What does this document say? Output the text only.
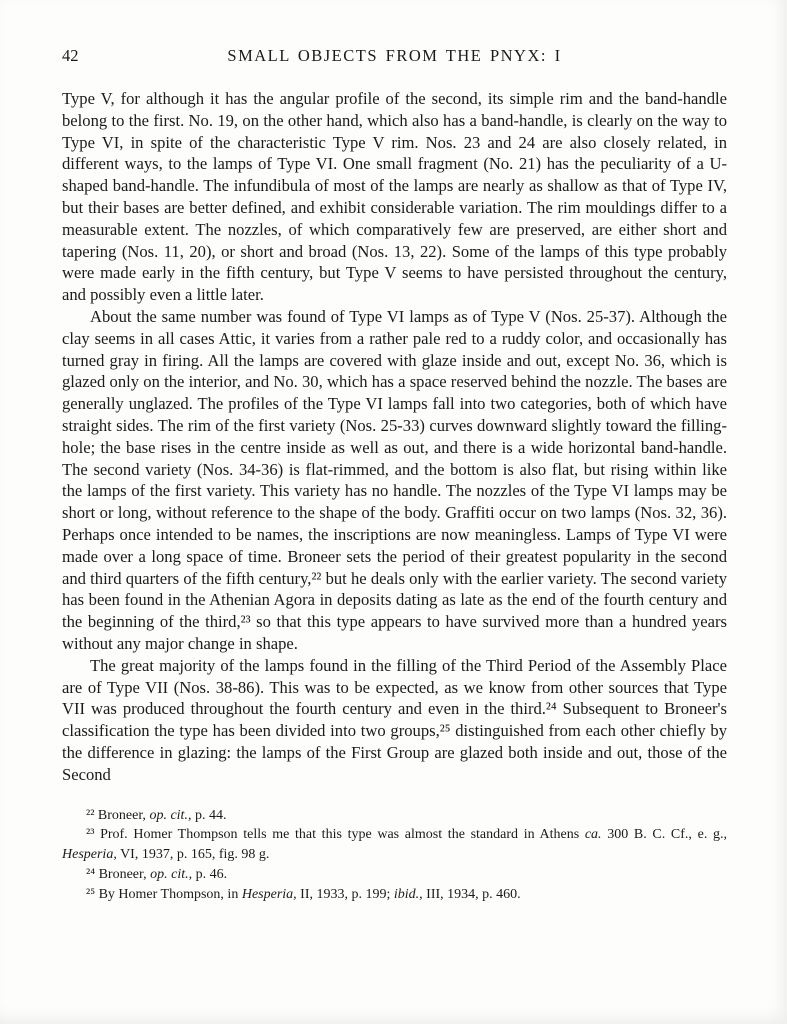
42	SMALL OBJECTS FROM THE PNYX: I

Type V, for although it has the angular profile of the second, its simple rim and the band-handle belong to the first. No. 19, on the other hand, which also has a band-handle, is clearly on the way to Type VI, in spite of the characteristic Type V rim. Nos. 23 and 24 are also closely related, in different ways, to the lamps of Type VI. One small fragment (No. 21) has the peculiarity of a U-shaped band-handle. The infundibula of most of the lamps are nearly as shallow as that of Type IV, but their bases are better defined, and exhibit considerable variation. The rim mouldings differ to a measurable extent. The nozzles, of which comparatively few are preserved, are either short and tapering (Nos. 11, 20), or short and broad (Nos. 13, 22). Some of the lamps of this type probably were made early in the fifth century, but Type V seems to have persisted throughout the century, and possibly even a little later.

About the same number was found of Type VI lamps as of Type V (Nos. 25-37). Although the clay seems in all cases Attic, it varies from a rather pale red to a ruddy color, and occasionally has turned gray in firing. All the lamps are covered with glaze inside and out, except No. 36, which is glazed only on the interior, and No. 30, which has a space reserved behind the nozzle. The bases are generally unglazed. The profiles of the Type VI lamps fall into two categories, both of which have straight sides. The rim of the first variety (Nos. 25-33) curves downward slightly toward the filling-hole; the base rises in the centre inside as well as out, and there is a wide horizontal band-handle. The second variety (Nos. 34-36) is flat-rimmed, and the bottom is also flat, but rising within like the lamps of the first variety. This variety has no handle. The nozzles of the Type VI lamps may be short or long, without reference to the shape of the body. Graffiti occur on two lamps (Nos. 32, 36). Perhaps once intended to be names, the inscriptions are now meaningless. Lamps of Type VI were made over a long space of time. Broneer sets the period of their greatest popularity in the second and third quarters of the fifth century,²² but he deals only with the earlier variety. The second variety has been found in the Athenian Agora in deposits dating as late as the end of the fourth century and the beginning of the third,²³ so that this type appears to have survived more than a hundred years without any major change in shape.

The great majority of the lamps found in the filling of the Third Period of the Assembly Place are of Type VII (Nos. 38-86). This was to be expected, as we know from other sources that Type VII was produced throughout the fourth century and even in the third.²⁴ Subsequent to Broneer's classification the type has been divided into two groups,²⁵ distinguished from each other chiefly by the difference in glazing: the lamps of the First Group are glazed both inside and out, those of the Second

²² Broneer, op. cit., p. 44.

²³ Prof. Homer Thompson tells me that this type was almost the standard in Athens ca. 300 B. C. Cf., e. g., Hesperia, VI, 1937, p. 165, fig. 98 g.

²⁴ Broneer, op. cit., p. 46.

²⁵ By Homer Thompson, in Hesperia, II, 1933, p. 199; ibid., III, 1934, p. 460.
